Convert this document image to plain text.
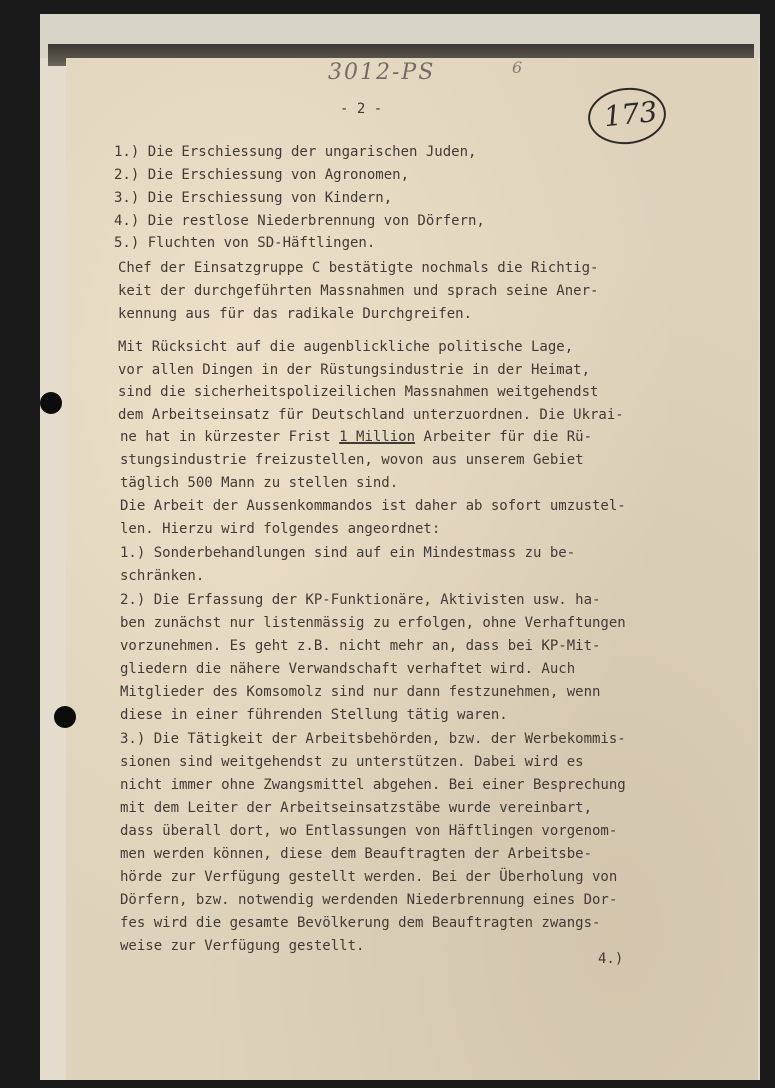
3012-PS	6
173
- 2 -
1.) Die Erschiessung der ungarischen Juden,
2.) Die Erschiessung von Agronomen,
3.) Die Erschiessung von Kindern,
4.) Die restlose Niederbrennung von Dörfern,
5.) Fluchten von SD-Häftlingen.
Chef der Einsatzgruppe C bestätigte nochmals die Richtig-
keit der durchgeführten Massnahmen und sprach seine Aner-
kennung aus für das radikale Durchgreifen.
Mit Rücksicht auf die augenblickliche politische Lage,
vor allen Dingen in der Rüstungsindustrie in der Heimat,
sind die sicherheitspolizeilichen Massnahmen weitgehendst
dem Arbeitseinsatz für Deutschland unterzuordnen. Die Ukrai-
ne hat in kürzester Frist 1 Million Arbeiter für die Rü-
stungsindustrie freizustellen, wovon aus unserem Gebiet
täglich 500 Mann zu stellen sind.
Die Arbeit der Aussenkommandos ist daher ab sofort umzustel-
len. Hierzu wird folgendes angeordnet:
1.) Sonderbehandlungen sind auf ein Mindestmass zu be-
schränken.
2.) Die Erfassung der KP-Funktionäre, Aktivisten usw. ha-
ben zunächst nur listenmässig zu erfolgen, ohne Verhaftungen
vorzunehmen. Es geht z.B. nicht mehr an, dass bei KP-Mit-
gliedern die nähere Verwandschaft verhaftet wird. Auch
Mitglieder des Komsomolz sind nur dann festzunehmen, wenn
diese in einer führenden Stellung tätig waren.
3.) Die Tätigkeit der Arbeitsbehörden, bzw. der Werbekommis-
sionen sind weitgehendst zu unterstützen. Dabei wird es
nicht immer ohne Zwangsmittel abgehen. Bei einer Besprechung
mit dem Leiter der Arbeitseinsatzstäbe wurde vereinbart,
dass überall dort, wo Entlassungen von Häftlingen vorgenom-
men werden können, diese dem Beauftragten der Arbeitsbe-
hörde zur Verfügung gestellt werden. Bei der Überholung von
Dörfern, bzw. notwendig werdenden Niederbrennung eines Dor-
fes wird die gesamte Bevölkerung dem Beauftragten zwangs-
weise zur Verfügung gestellt.
4.)
